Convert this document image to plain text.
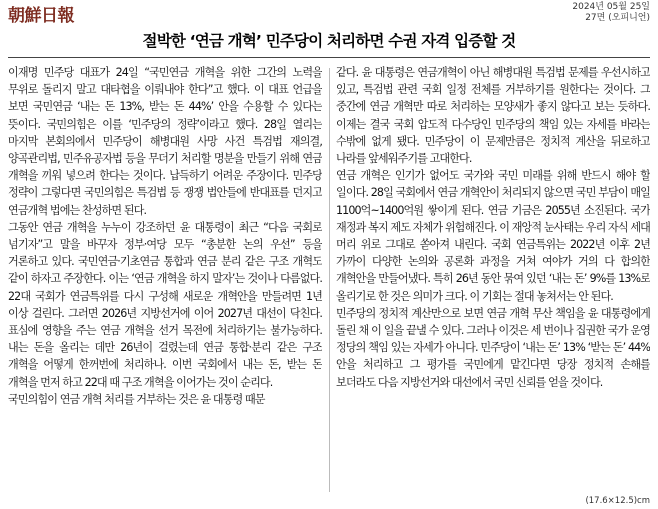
朝鮮日報	2024년 05월 25일
27면 (오피니언)
절박한 ‘연금 개혁’ 민주당이 처리하면 수권 자격 입증할 것

이재명 민주당 대표가 24일 “국민연금 개혁을 위한 그간의 노력을 무위로 돌리지 말고 대타협을 이뤄내야 한다”고 했다. 이 대표 언급을 보면 국민연금 ‘내는 돈 13%, 받는 돈 44%’ 안을 수용할 수 있다는 뜻이다. 국민의힘은 이를 ‘민주당의 정략’이라고 했다. 28일 열리는 마지막 본회의에서 민주당이 해병대원 사망 사건 특검법 재의결, 양곡관리법, 민주유공자법 등을 무더기 처리할 명분을 만들기 위해 연금 개혁을 끼워 넣으려 한다는 것이다. 납득하기 어려운 주장이다. 민주당 정략이 그렇다면 국민의힘은 특검법 등 쟁쟁 법안들에 반대표를 던지고 연금개혁 법에는 찬성하면 된다.

그동안 연금 개혁을 누누이 강조하던 윤 대통령이 최근 “다음 국회로 넘기자”고 말을 바꾸자 정부·여당 모두 “총분한 논의 우선” 등을 거론하고 있다. 국민연금·기초연금 통합과 연금 분리 같은 구조 개혁도 같이 하자고 주장한다. 이는 ‘연금 개혁을 하지 말자’는 것이나 다름없다. 22대 국회가 연금특위를 다시 구성해 새로운 개혁안을 만들려면 1년 이상 걸린다. 그러면 2026년 지방선거에 이어 2027년 대선이 닥친다. 표심에 영향을 주는 연금 개혁을 선거 목전에 처리하기는 불가능하다. 내는 돈을 올리는 데만 26년이 걸렸는데 연금 통합·분리 같은 구조 개혁을 어떻게 한꺼번에 처리하나. 이번 국회에서 내는 돈, 받는 돈 개혁을 먼저 하고 22대 때 구조 개혁을 이어가는 것이 순리다.

국민의힘이 연금 개혁 처리를 거부하는 것은 윤 대통령 때문

같다. 윤 대통령은 연금개혁이 아닌 해병대원 특검법 문제를 우선시하고 있고, 특검법 관련 국회 일정 전체를 거부하기를 원한다는 것이다. 그 중간에 연금 개혁만 따로 처리하는 모양새가 좋지 않다고 보는 듯하다. 이제는 결국 국회 압도적 다수당인 민주당의 책임 있는 자세를 바라는 수밖에 없게 됐다. 민주당이 이 문제만큼은 정치적 계산을 뒤로하고 나라를 앞세워주기를 고대한다.

연금 개혁은 인기가 없어도 국가와 국민 미래를 위해 반드시 해야 할 일이다. 28일 국회에서 연금 개혁안이 처리되지 않으면 국민 부담이 매일 1100억~1400억원 쌓이게 된다. 연금 기금은 2055년 소진된다. 국가 재정과 복지 제도 자체가 위험해진다. 이 재앙적 눈사태는 우리 자식 세대 머리 위로 그대로 쏟아져 내린다. 국회 연금특위는 2022년 이후 2년 가까이 다양한 논의와 공론화 과정을 거쳐 여야가 거의 다 합의한 개혁안을 만들어냈다. 특히 26년 동안 묶여 있던 ‘내는 돈’ 9%를 13%로 올리기로 한 것은 의미가 크다. 이 기회는 절대 놓쳐서는 안 된다.

민주당의 정치적 계산만으로 보면 연금 개혁 무산 책임을 윤 대통령에게 돌린 채 이 일을 끝낼 수 있다. 그러나 이것은 세 번이나 집권한 국가 운영 정당의 책임 있는 자세가 아니다. 민주당이 ‘내는 돈’ 13% ‘받는 돈’ 44% 안을 처리하고 그 평가를 국민에게 맡긴다면 당장 정치적 손해를 보더라도 다음 지방선거와 대선에서 국민 신뢰를 얻을 것이다.

(17.6×12.5)cm
